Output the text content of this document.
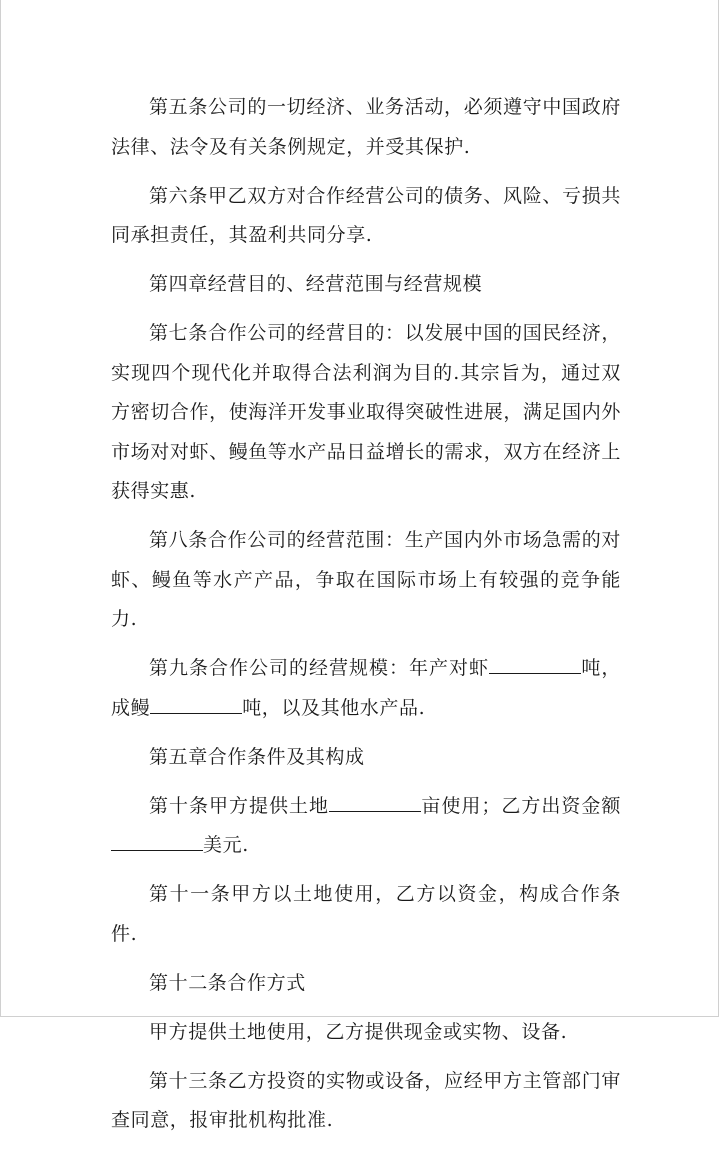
第五条公司的一切经济、业务活动，必须遵守中国政府法律、法令及有关条例规定，并受其保护.

第六条甲乙双方对合作经营公司的债务、风险、亏损共同承担责任，其盈利共同分享.

第四章经营目的、经营范围与经营规模

第七条合作公司的经营目的：以发展中国的国民经济，实现四个现代化并取得合法利润为目的.其宗旨为，通过双方密切合作，使海洋开发事业取得突破性进展，满足国内外市场对对虾、鳗鱼等水产品日益增长的需求，双方在经济上获得实惠.

第八条合作公司的经营范围：生产国内外市场急需的对虾、鳗鱼等水产产品，争取在国际市场上有较强的竞争能力.

第九条合作公司的经营规模：年产对虾	吨，成鳗	吨，以及其他水产品.

第五章合作条件及其构成

第十条甲方提供土地	亩使用；乙方出资金额美元.

第十一条甲方以土地使用，乙方以资金，构成合作条件.

第十二条合作方式

甲方提供土地使用，乙方提供现金或实物、设备.

第十三条乙方投资的实物或设备，应经甲方主管部门审查同意，报审批机构批准.
